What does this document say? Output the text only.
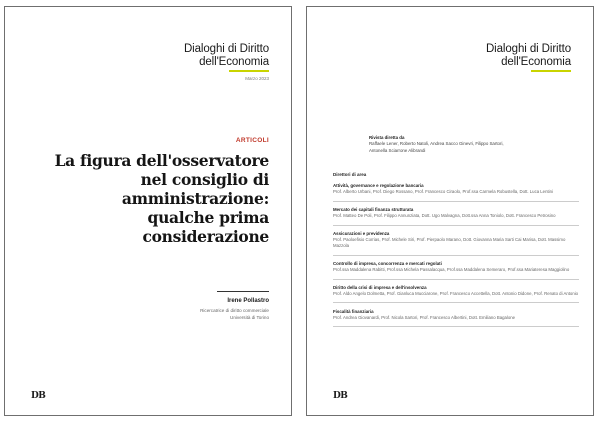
Dialoghi di Diritto
dell'Economia
Marzo 2023
ARTICOLI
La figura dell'osservatore
nel consiglio di
amministrazione:
qualche prima
considerazione
Irene Pollastro
Ricercatrice di diritto commerciale
Università di Torino
DB
Dialoghi di Diritto
dell'Economia
Rivista diretta da
Raffaele Lener, Roberto Natoli, Andrea Sacco Ginevri, Filippo Sartori,
Antonella Sciarrone Alibrandi
Direttori di area
Attività, governance e regolazione bancaria
Prof. Alberto Urbani, Prof. Diego Rossano, Prof. Francesco Ciraolo, Prof.ssa Carmela Robustella, Dott. Luca Lentini
Mercato dei capitali finanza strutturata
Prof. Matteo De Poli, Prof. Filippo Annunziata, Dott. Ugo Malvagna, Dott.ssa Anna Toniolo, Dott. Francesco Petrosino
Assicurazioni e previdenza
Prof. Paoloefisio Corrias, Prof. Michele Siri, Prof. Pierpaolo Marano, Dott. Giovanna Maria Sarti Cai Marisa, Dott. Massimo Mazzola
Controllo di impresa, concorrenza e mercati regolati
Prof.ssa Maddalena Rabitti, Prof.ssa Michela Passalacqua, Prof.ssa Maddalena Semeraro, Prof.ssa Mariateresa Maggiolino
Diritto della crisi di impresa e dell'insolvenza
Prof. Aldo Angelo Dolmetta, Prof. Gianluca Mucciarone, Prof. Francesco Accettella, Dott. Antonio Didone, Prof. Renato di Antonio
Fiscalità finanziaria
Prof. Andrea Giovanardi, Prof. Nicola Sartori, Prof. Francesco Albertini, Dott. Emiliano Bagalone
DB
